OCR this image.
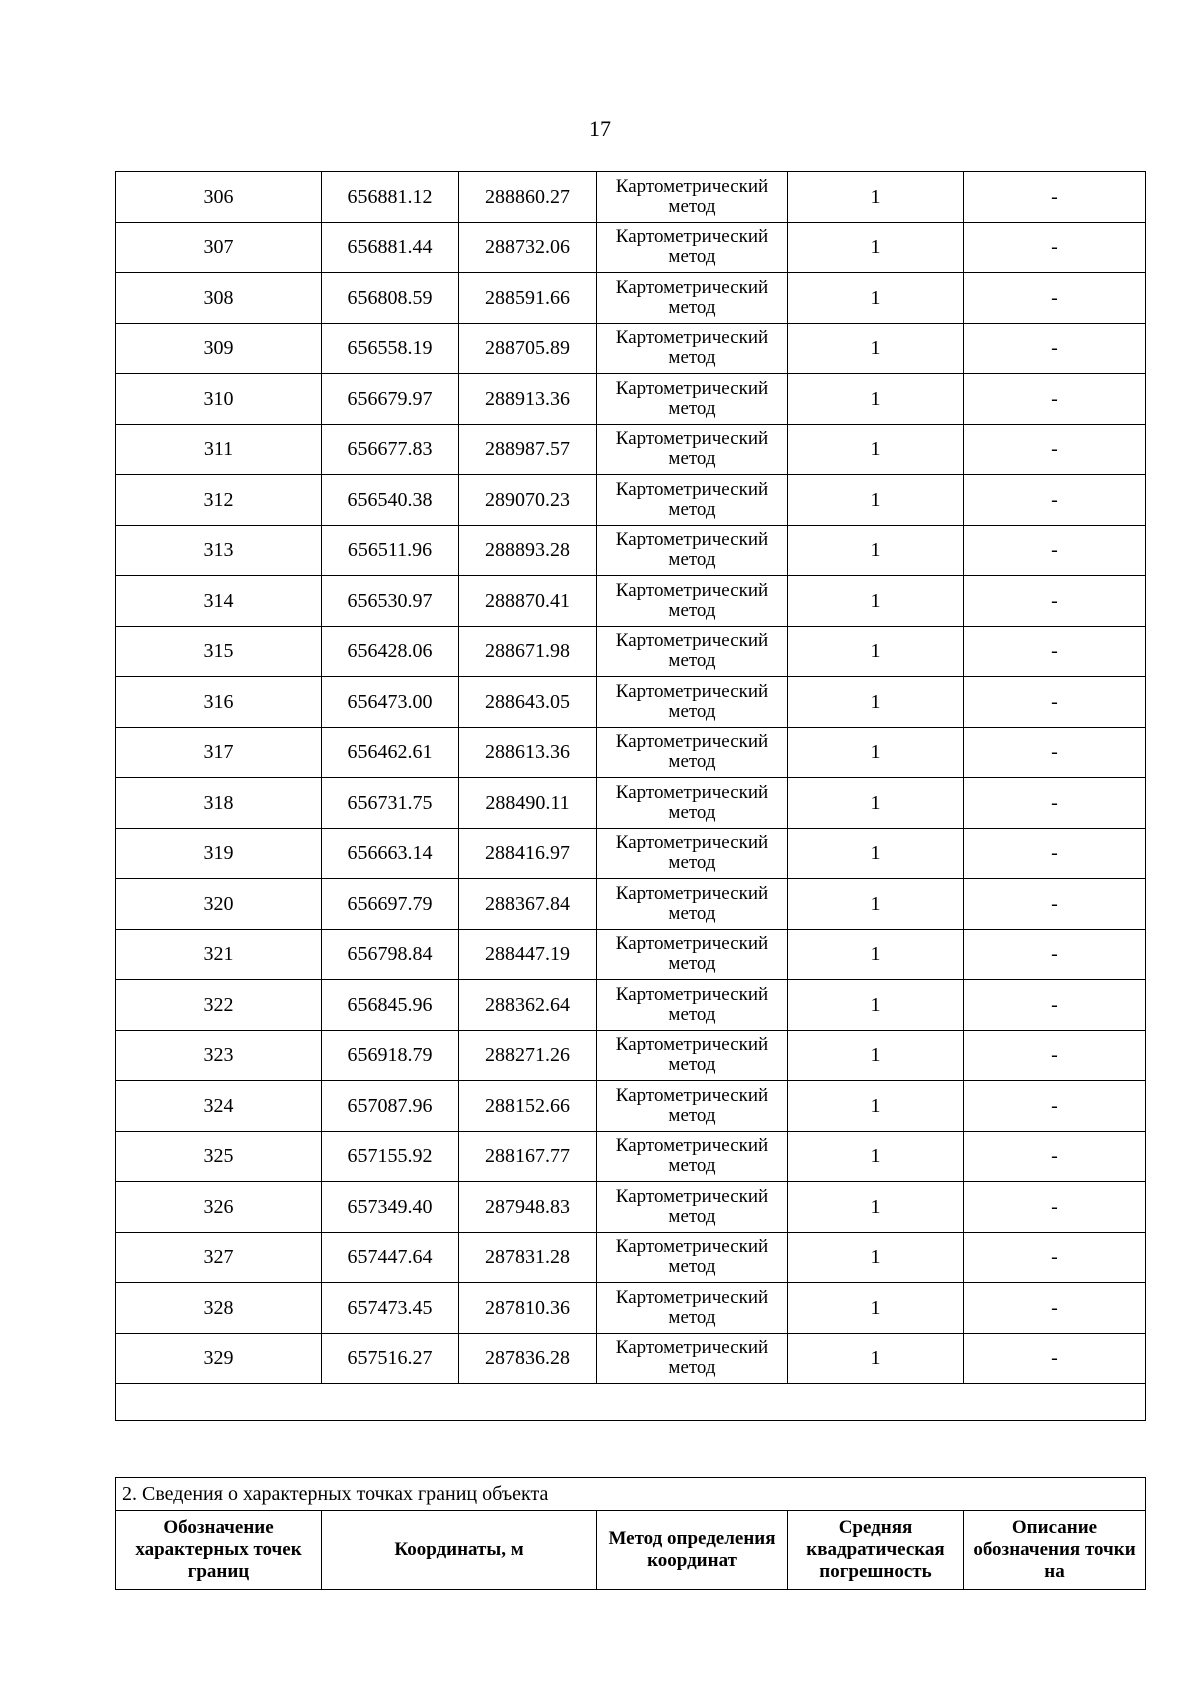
17
306	656881.12	288860.27	Картометрический метод	1	-
307	656881.44	288732.06	Картометрический метод	1	-
308	656808.59	288591.66	Картометрический метод	1	-
309	656558.19	288705.89	Картометрический метод	1	-
310	656679.97	288913.36	Картометрический метод	1	-
311	656677.83	288987.57	Картометрический метод	1	-
312	656540.38	289070.23	Картометрический метод	1	-
313	656511.96	288893.28	Картометрический метод	1	-
314	656530.97	288870.41	Картометрический метод	1	-
315	656428.06	288671.98	Картометрический метод	1	-
316	656473.00	288643.05	Картометрический метод	1	-
317	656462.61	288613.36	Картометрический метод	1	-
318	656731.75	288490.11	Картометрический метод	1	-
319	656663.14	288416.97	Картометрический метод	1	-
320	656697.79	288367.84	Картометрический метод	1	-
321	656798.84	288447.19	Картометрический метод	1	-
322	656845.96	288362.64	Картометрический метод	1	-
323	656918.79	288271.26	Картометрический метод	1	-
324	657087.96	288152.66	Картометрический метод	1	-
325	657155.92	288167.77	Картометрический метод	1	-
326	657349.40	287948.83	Картометрический метод	1	-
327	657447.64	287831.28	Картометрический метод	1	-
328	657473.45	287810.36	Картометрический метод	1	-
329	657516.27	287836.28	Картометрический метод	1	-

2. Сведения о характерных точках границ объекта
Обозначение характерных точек границ	Координаты, м	Метод определения координат	Средняя квадратическая погрешность	Описание обозначения точки на
